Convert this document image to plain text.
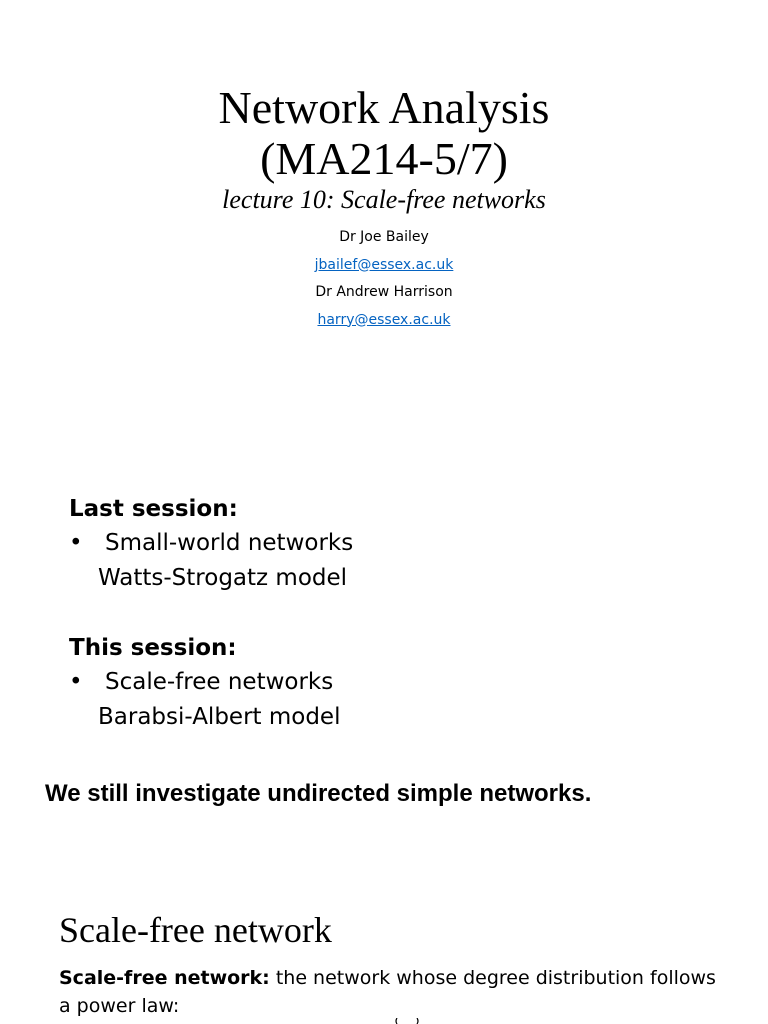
Network Analysis
(MA214-5/7)
lecture 10: Scale-free networks
Dr Joe Bailey
jbailef@essex.ac.uk
Dr Andrew Harrison
harry@essex.ac.uk
Last session:
• Small-world networks
Watts-Strogatz model
This session:
• Scale-free networks
Barabsi-Albert model
We still investigate undirected simple networks.
Scale-free network
Scale-free network: the network whose degree distribution follows a power law:
